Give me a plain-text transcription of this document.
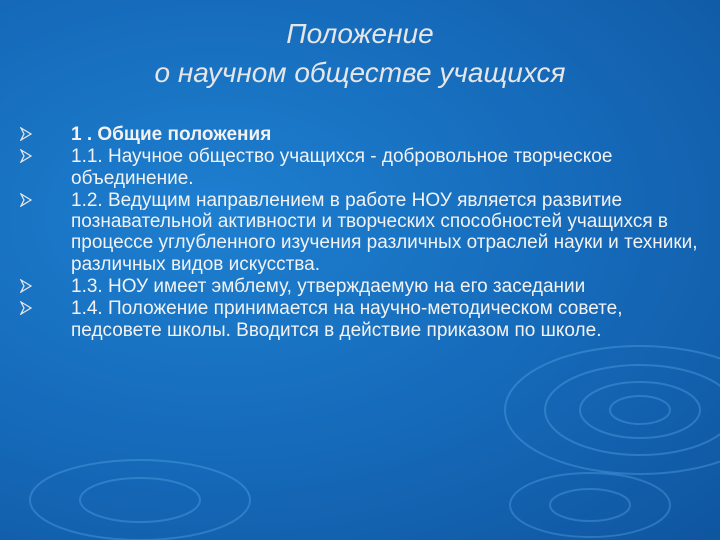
Положение
о научном обществе учащихся
1 . Общие положения
1.1. Научное общество учащихся - добровольное творческое объединение.
1.2. Ведущим направлением в работе НОУ является развитие познавательной активности и творческих способностей учащихся в процессе углубленного изучения различных отраслей науки и техники, различных видов искусства.
1.3. НОУ имеет эмблему, утверждаемую на его заседании
1.4. Положение принимается на научно-методическом совете, педсовете школы. Вводится в действие приказом по школе.
